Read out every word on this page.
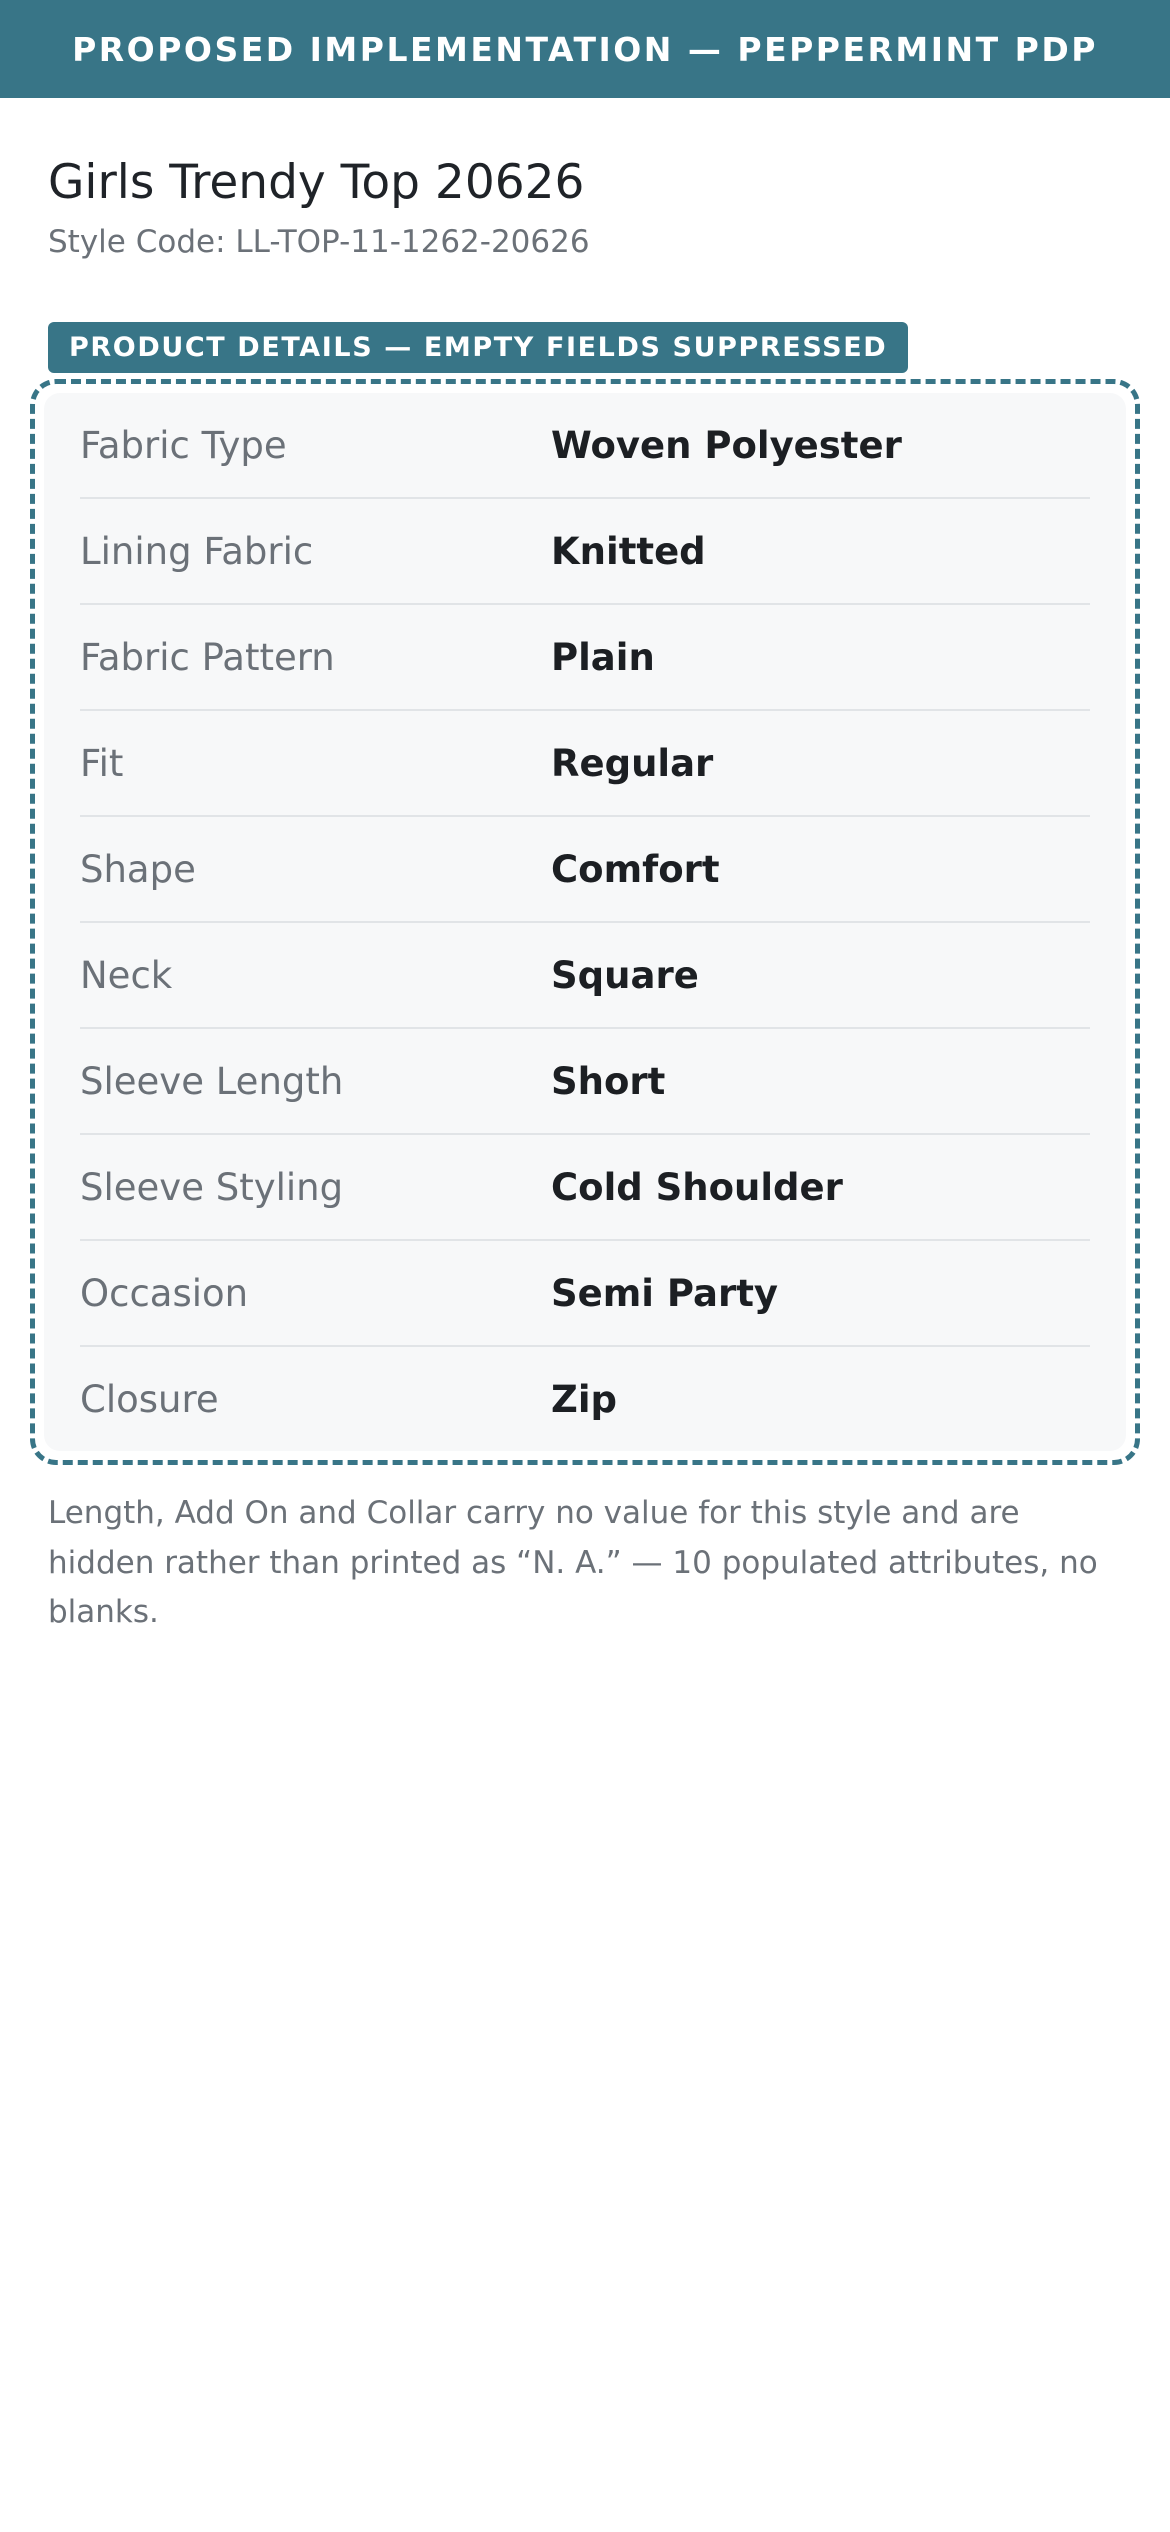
PROPOSED IMPLEMENTATION — PEPPERMINT PDP
Girls Trendy Top 20626
Style Code: LL-TOP-11-1262-20626
PRODUCT DETAILS — EMPTY FIELDS SUPPRESSED
Fabric Type	Woven Polyester
Lining Fabric	Knitted
Fabric Pattern	Plain
Fit	Regular
Shape	Comfort
Neck	Square
Sleeve Length	Short
Sleeve Styling	Cold Shoulder
Occasion	Semi Party
Closure	Zip

Length, Add On and Collar carry no value for this style and are hidden rather than printed as “N. A.” — 10 populated attributes, no blanks.
